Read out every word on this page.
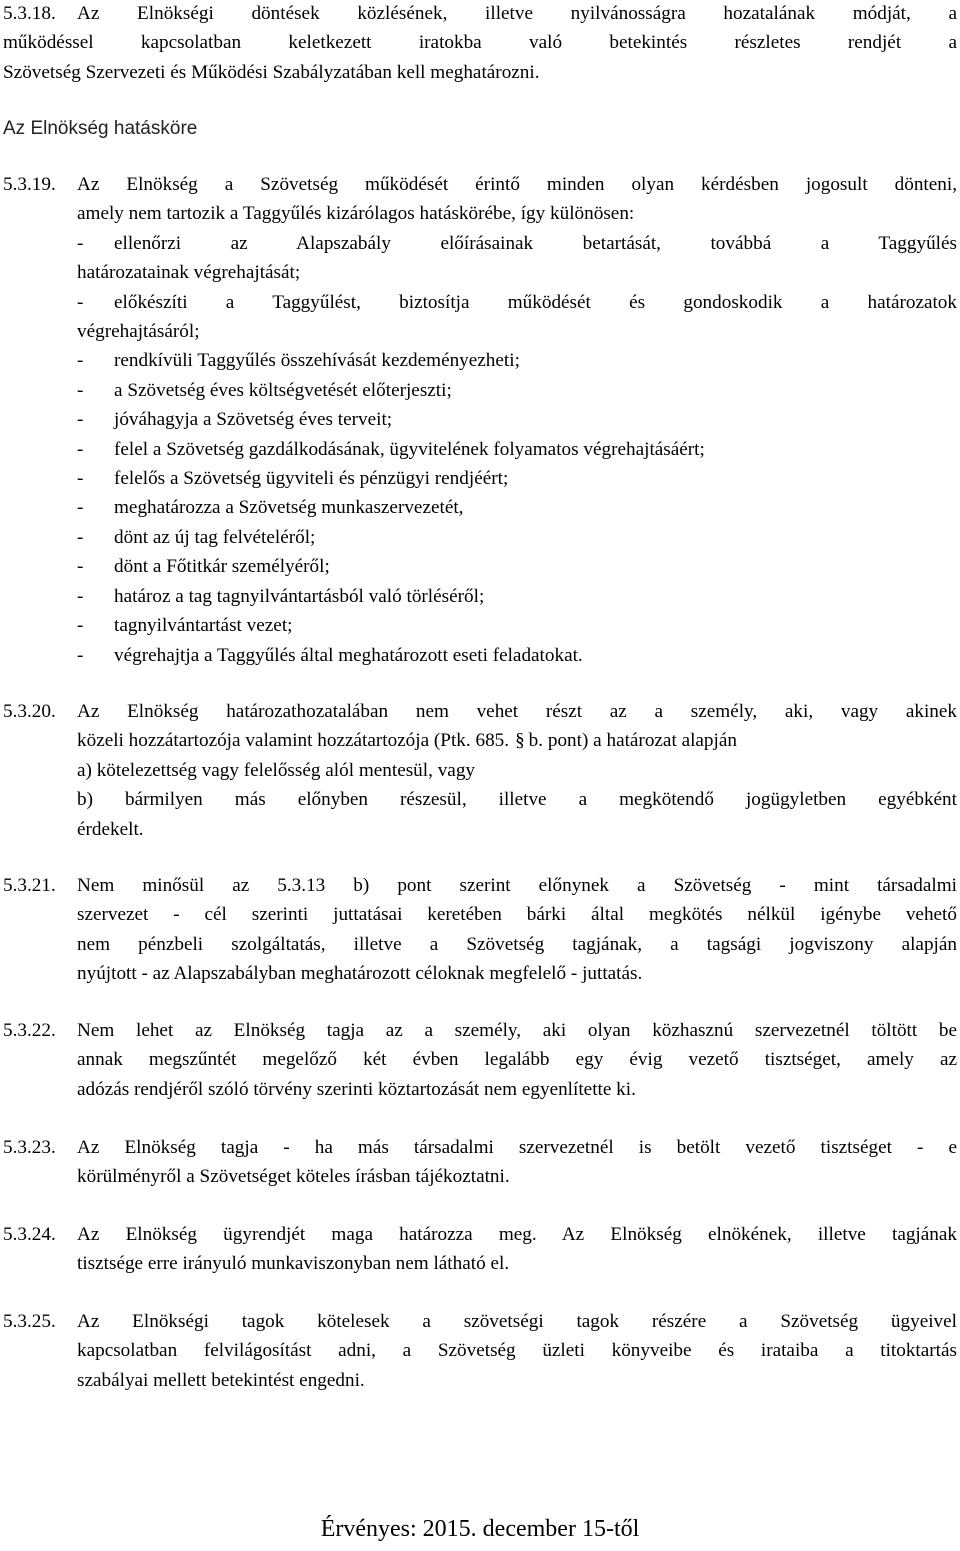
5.3.18.	Az Elnökségi döntések közlésének, illetve nyilvánosságra hozatalának módját, a
működéssel kapcsolatban keletkezett iratokba való betekintés részletes rendjét a
Szövetség Szervezeti és Működési Szabályzatában kell meghatározni.
Az Elnökség hatásköre
5.3.19.	Az Elnökség a Szövetség működését érintő minden olyan kérdésben jogosult dönteni,
amely nem tartozik a Taggyűlés kizárólagos hatáskörébe, így különösen:
-	ellenőrzi az Alapszabály előírásainak betartását, továbbá a Taggyűlés
határozatainak végrehajtását;
-	előkészíti a Taggyűlést, biztosítja működését és gondoskodik a határozatok
végrehajtásáról;
-	rendkívüli Taggyűlés összehívását kezdeményezheti;
-	a Szövetség éves költségvetését előterjeszti;
-	jóváhagyja a Szövetség éves terveit;
-	felel a Szövetség gazdálkodásának, ügyvitelének folyamatos végrehajtásáért;
-	felelős a Szövetség ügyviteli és pénzügyi rendjéért;
-	meghatározza a Szövetség munkaszervezetét,
-	dönt az új tag felvételéről;
-	dönt a Főtitkár személyéről;
-	határoz a tag tagnyilvántartásból való törléséről;
-	tagnyilvántartást vezet;
-	végrehajtja a Taggyűlés által meghatározott eseti feladatokat.
5.3.20.	Az Elnökség határozathozatalában nem vehet részt az a személy, aki, vagy akinek
közeli hozzátartozója valamint hozzátartozója (Ptk. 685. § b. pont) a határozat alapján
a) kötelezettség vagy felelősség alól mentesül, vagy
b) bármilyen más előnyben részesül, illetve a megkötendő jogügyletben egyébként
érdekelt.
5.3.21.	Nem minősül az 5.3.13 b) pont szerint előnynek a Szövetség - mint társadalmi
szervezet - cél szerinti juttatásai keretében bárki által megkötés nélkül igénybe vehető
nem pénzbeli szolgáltatás, illetve a Szövetség tagjának, a tagsági jogviszony alapján
nyújtott - az Alapszabályban meghatározott céloknak megfelelő - juttatás.
5.3.22.	Nem lehet az Elnökség tagja az a személy, aki olyan közhasznú szervezetnél töltött be
annak megszűntét megelőző két évben legalább egy évig vezető tisztséget, amely az
adózás rendjéről szóló törvény szerinti köztartozását nem egyenlítette ki.
5.3.23.	Az Elnökség tagja - ha más társadalmi szervezetnél is betölt vezető tisztséget - e
körülményről a Szövetséget köteles írásban tájékoztatni.
5.3.24.	Az Elnökség ügyrendjét maga határozza meg. Az Elnökség elnökének, illetve tagjának
tisztsége erre irányuló munkaviszonyban nem látható el.
5.3.25.	Az Elnökségi tagok kötelesek a szövetségi tagok részére a Szövetség ügyeivel
kapcsolatban felvilágosítást adni, a Szövetség üzleti könyveibe és irataiba a titoktartás
szabályai mellett betekintést engedni.
Érvényes: 2015. december 15-től
